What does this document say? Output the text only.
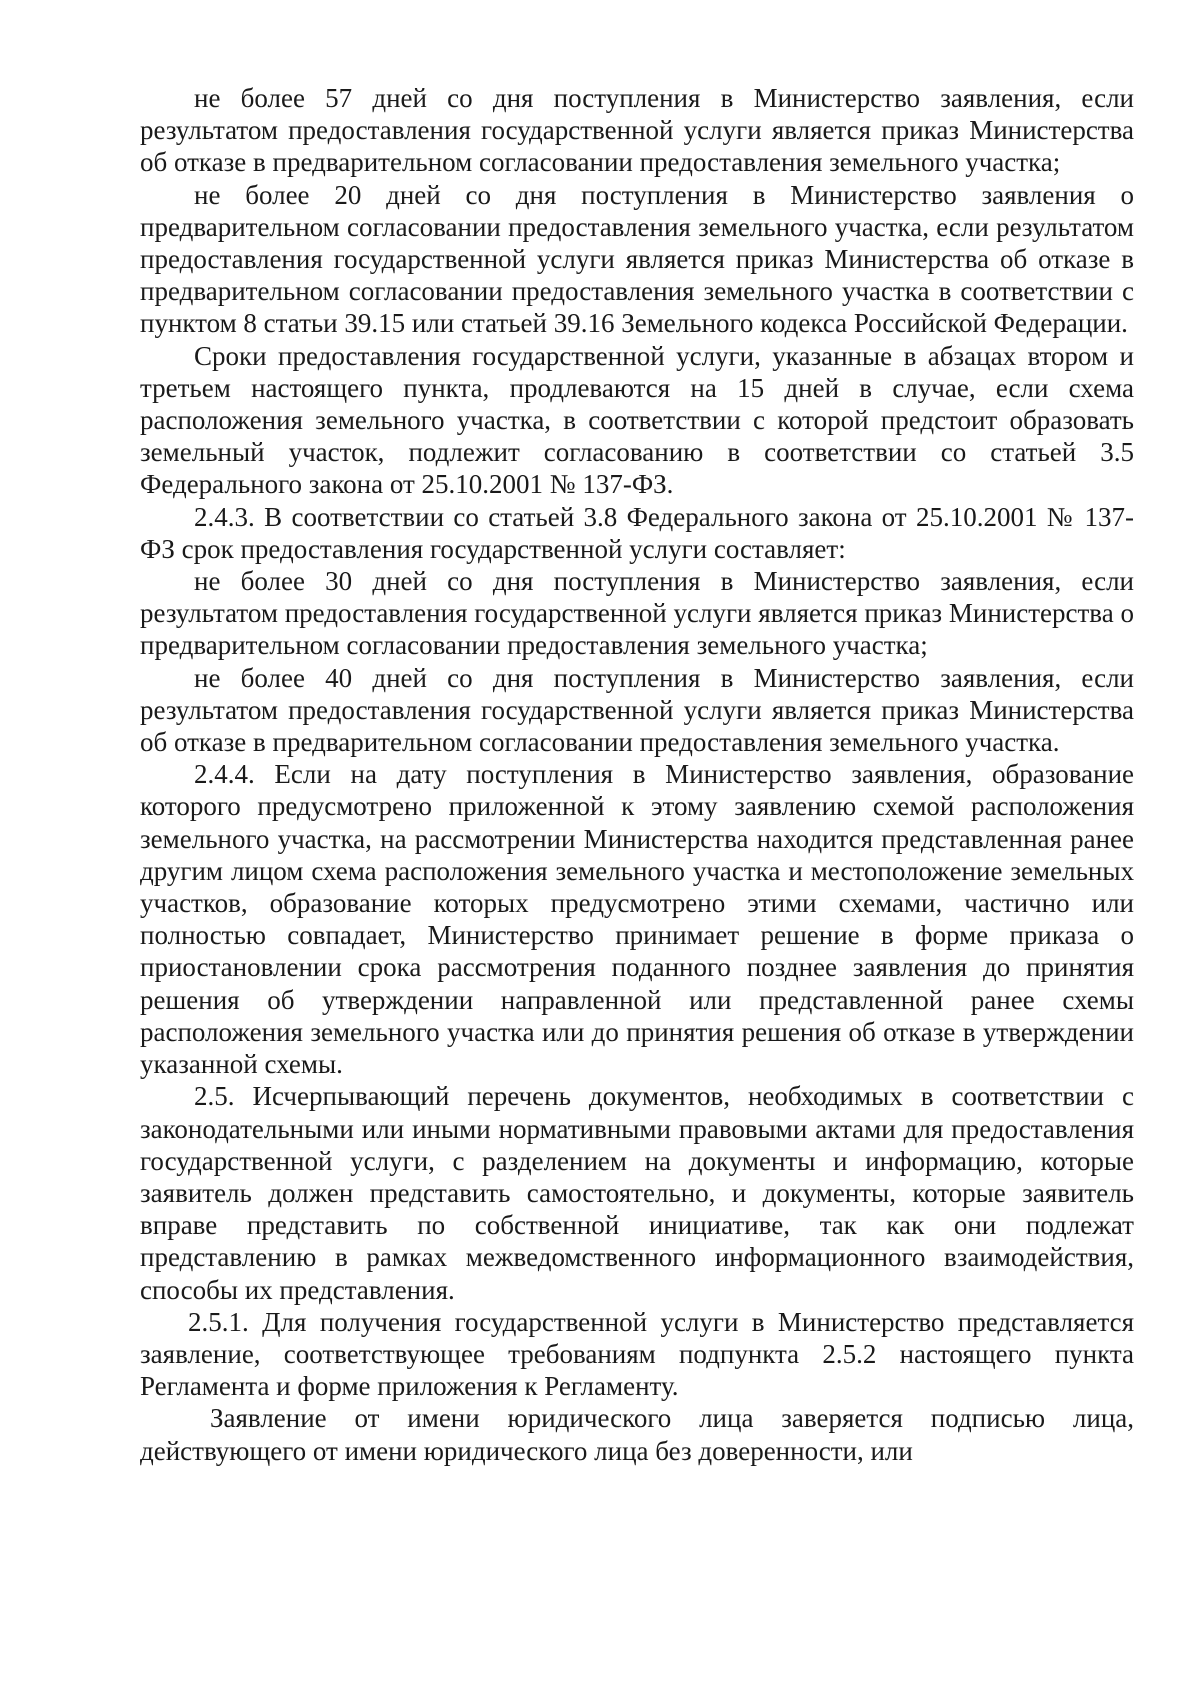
не более 57 дней со дня поступления в Министерство заявления, если результатом предоставления государственной услуги является приказ Министерства об отказе в предварительном согласовании предоставления земельного участка;

не более 20 дней со дня поступления в Министерство заявления о предварительном согласовании предоставления земельного участка, если результатом предоставления государственной услуги является приказ Министерства об отказе в предварительном согласовании предоставления земельного участка в соответствии с пунктом 8 статьи 39.15 или статьей 39.16 Земельного кодекса Российской Федерации.

Сроки предоставления государственной услуги, указанные в абзацах втором и третьем настоящего пункта, продлеваются на 15 дней в случае, если схема расположения земельного участка, в соответствии с которой предстоит образовать земельный участок, подлежит согласованию в соответствии со статьей 3.5 Федерального закона от 25.10.2001 № 137-ФЗ.

2.4.3. В соответствии со статьей 3.8 Федерального закона от 25.10.2001 № 137-ФЗ срок предоставления государственной услуги составляет:

не более 30 дней со дня поступления в Министерство заявления, если результатом предоставления государственной услуги является приказ Министерства о предварительном согласовании предоставления земельного участка;

не более 40 дней со дня поступления в Министерство заявления, если результатом предоставления государственной услуги является приказ Министерства об отказе в предварительном согласовании предоставления земельного участка.

2.4.4. Если на дату поступления в Министерство заявления, образование которого предусмотрено приложенной к этому заявлению схемой расположения земельного участка, на рассмотрении Министерства находится представленная ранее другим лицом схема расположения земельного участка и местоположение земельных участков, образование которых предусмотрено этими схемами, частично или полностью совпадает, Министерство принимает решение в форме приказа о приостановлении срока рассмотрения поданного позднее заявления до принятия решения об утверждении направленной или представленной ранее схемы расположения земельного участка или до принятия решения об отказе в утверждении указанной схемы.

2.5. Исчерпывающий перечень документов, необходимых в соответствии с законодательными или иными нормативными правовыми актами для предоставления государственной услуги, с разделением на документы и информацию, которые заявитель должен представить самостоятельно, и документы, которые заявитель вправе представить по собственной инициативе, так как они подлежат представлению в рамках межведомственного информационного взаимодействия, способы их представления.

2.5.1. Для получения государственной услуги в Министерство представляется заявление, соответствующее требованиям подпункта 2.5.2 настоящего пункта Регламента и форме приложения к Регламенту.

Заявление от имени юридического лица заверяется подписью лица, действующего от имени юридического лица без доверенности, или
